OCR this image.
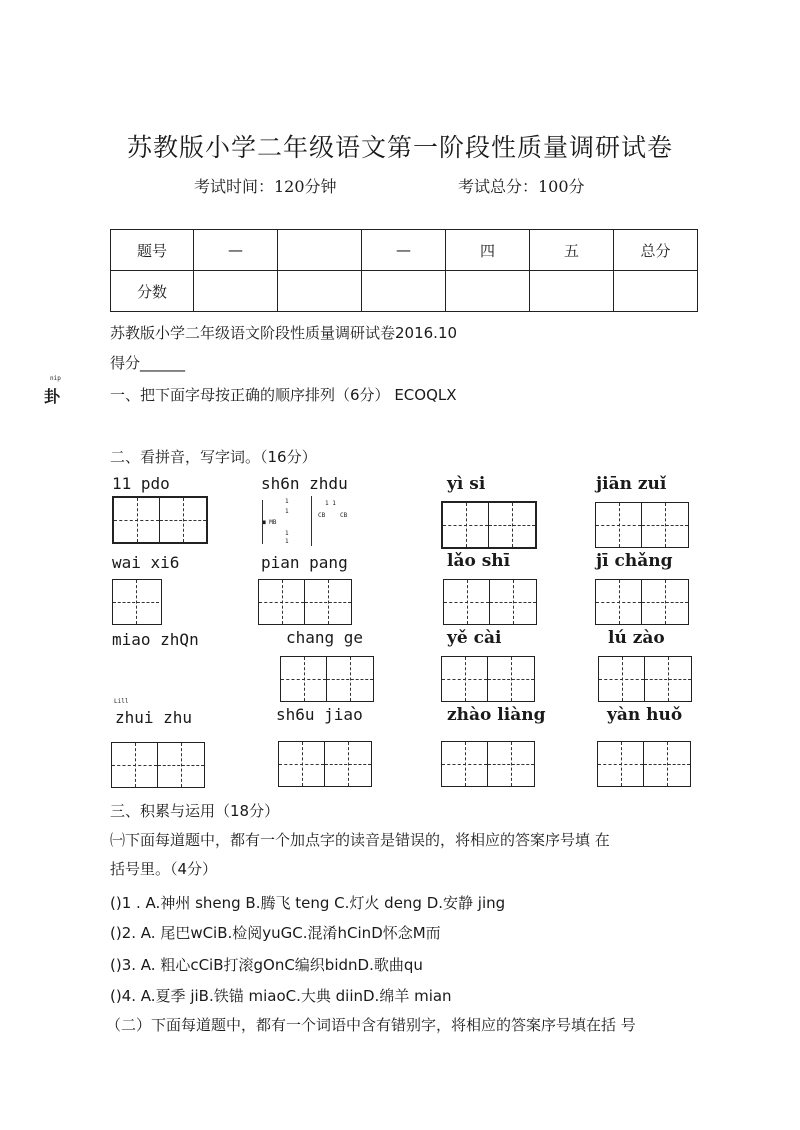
苏教版小学二年级语文第一阶段性质量调研试卷
考试时间：120分钟	考试总分：100分
题号	—		—	四	五	总分
分数						
苏教版小学二年级语文阶段性质量调研试卷2016.10
得分______
nip
卦	一、把下面字母按正确的顺序排列（6分） ECOQLX
二、看拼音，写字词。（16分）
11 pdo	sh6n zhdu	yì si	jiān zuǐ
1
1
■ MB
1
1
1 1
CB CB
wai xi6	pian pang	lǎo shī	jī chǎng
miao zhQn	chang ge	yě cài	lú zào
Lill
zhui zhu	sh6u jiao	zhào liàng	yàn huǒ
三、积累与运用（18分）
㈠下面每道题中，都有一个加点字的读音是错误的，将相应的答案序号填 在
括号里。（4分）
()1 . A.神州 sheng B.腾飞 teng C.灯火 deng D.安静 jing
()2. A. 尾巴wCiB.检阅yuGC.混淆hCinD怀念M而
()3. A. 粗心cCiB打滚gOnC编织bidnD.歌曲qu
()4. A.夏季 jiB.铁锚 miaoC.大典 diinD.绵羊 mian
（二）下面每道题中，都有一个词语中含有错别字，将相应的答案序号填在括 号
